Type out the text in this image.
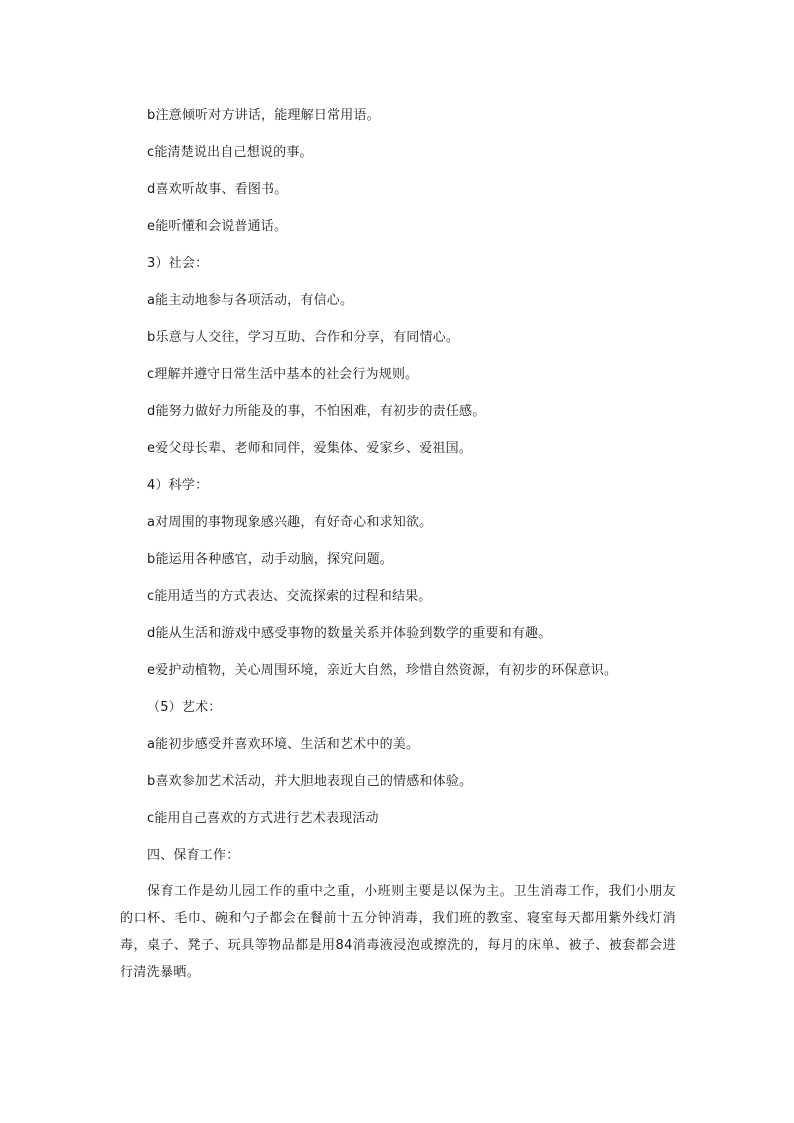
b注意倾听对方讲话，能理解日常用语。
c能清楚说出自己想说的事。
d喜欢听故事、看图书。
e能听懂和会说普通话。
3）社会：
a能主动地参与各项活动，有信心。
b乐意与人交往，学习互助、合作和分享，有同情心。
c理解并遵守日常生活中基本的社会行为规则。
d能努力做好力所能及的事，不怕困难，有初步的责任感。
e爱父母长辈、老师和同伴，爱集体、爱家乡、爱祖国。
4）科学：
a对周围的事物现象感兴趣，有好奇心和求知欲。
b能运用各种感官，动手动脑，探究问题。
c能用适当的方式表达、交流探索的过程和结果。
d能从生活和游戏中感受事物的数量关系并体验到数学的重要和有趣。
e爱护动植物，关心周围环境，亲近大自然，珍惜自然资源，有初步的环保意识。
（5）艺术：
a能初步感受并喜欢环境、生活和艺术中的美。
b喜欢参加艺术活动，并大胆地表现自己的情感和体验。
c能用自己喜欢的方式进行艺术表现活动
四、保育工作：
保育工作是幼儿园工作的重中之重，小班则主要是以保为主。卫生消毒工作，我们小朋友的口杯、毛巾、碗和勺子都会在餐前十五分钟消毒，我们班的教室、寝室每天都用紫外线灯消毒，桌子、凳子、玩具等物品都是用84消毒液浸泡或擦洗的，每月的床单、被子、被套都会进行清洗暴晒。
